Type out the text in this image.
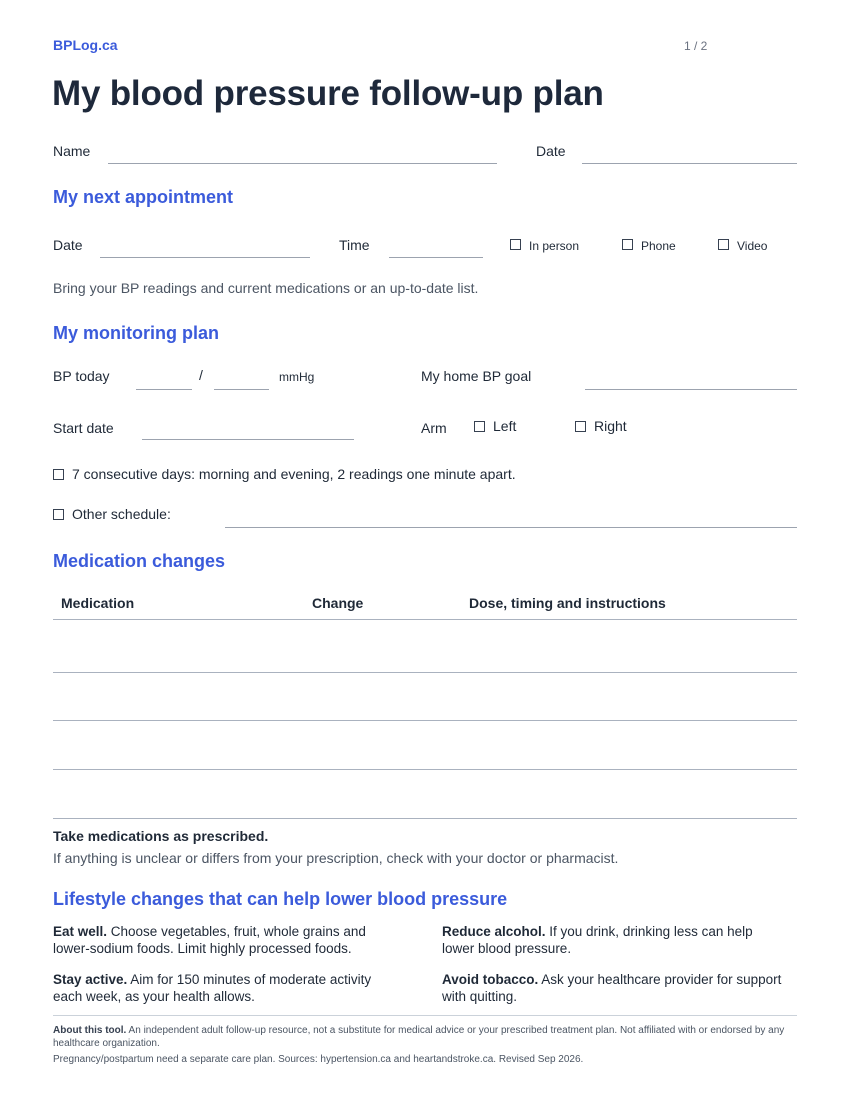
BPLog.ca	1 / 2
My blood pressure follow-up plan
Name	Date
My next appointment
Date	Time	In person	Phone	Video
Bring your BP readings and current medications or an up-to-date list.
My monitoring plan
BP today	/	mmHg	My home BP goal
Start date	Arm	Left	Right
7 consecutive days: morning and evening, 2 readings one minute apart.
Other schedule:
Medication changes
Medication	Change	Dose, timing and instructions
Take medications as prescribed.
If anything is unclear or differs from your prescription, check with your doctor or pharmacist.
Lifestyle changes that can help lower blood pressure
Eat well. Choose vegetables, fruit, whole grains and lower-sodium foods. Limit highly processed foods.
Reduce alcohol. If you drink, drinking less can help lower blood pressure.
Stay active. Aim for 150 minutes of moderate activity each week, as your health allows.
Avoid tobacco. Ask your healthcare provider for support with quitting.
About this tool. An independent adult follow-up resource, not a substitute for medical advice or your prescribed treatment plan. Not affiliated with or endorsed by any healthcare organization.
Pregnancy/postpartum need a separate care plan. Sources: hypertension.ca and heartandstroke.ca. Revised Sep 2026.
